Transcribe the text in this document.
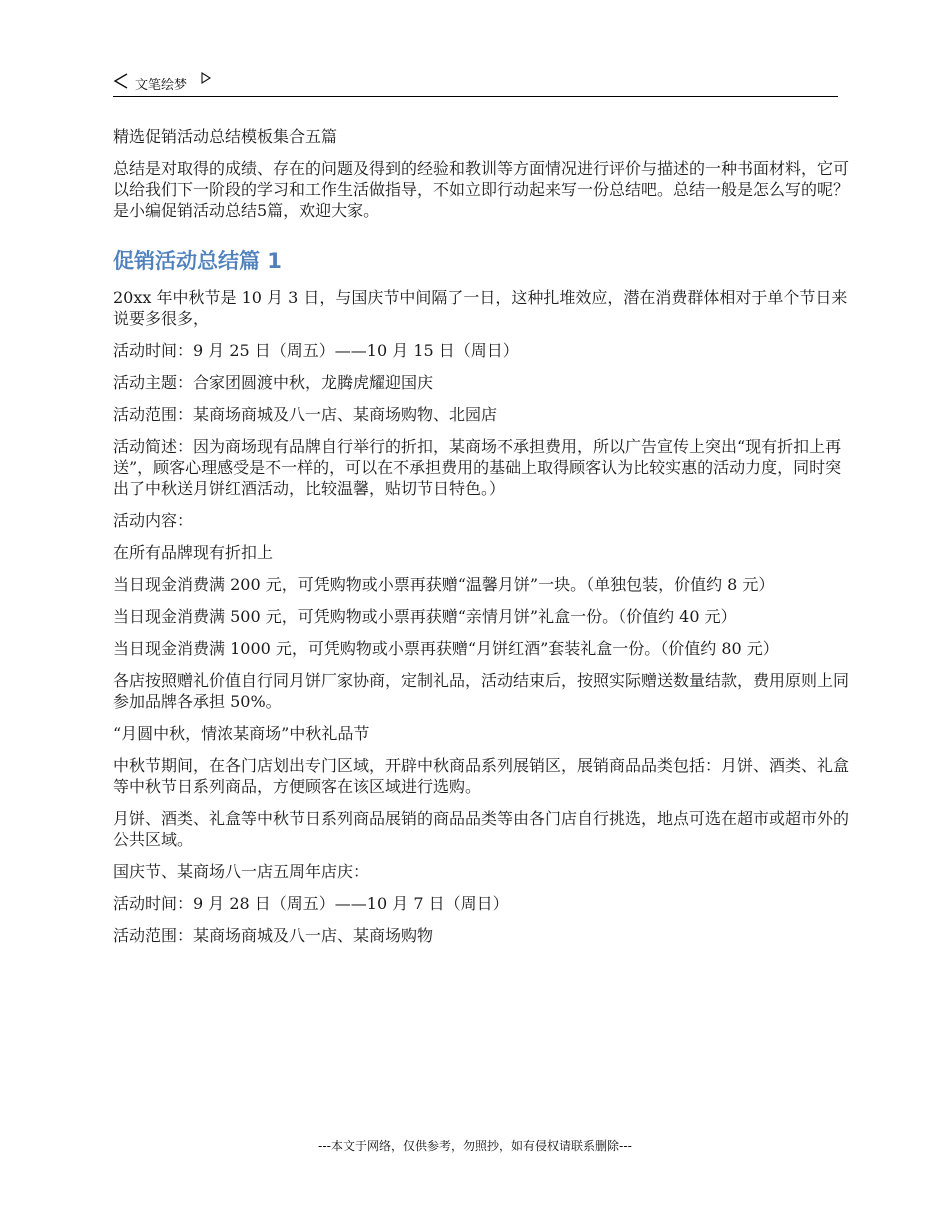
文笔绘梦

精选促销活动总结模板集合五篇

总结是对取得的成绩、存在的问题及得到的经验和教训等方面情况进行评价与描述的一种书面材料，它可以给我们下一阶段的学习和工作生活做指导，不如立即行动起来写一份总结吧。总结一般是怎么写的呢？是小编促销活动总结5篇，欢迎大家。

促销活动总结篇 1

20xx 年中秋节是 10 月 3 日，与国庆节中间隔了一日，这种扎堆效应，潜在消费群体相对于单个节日来说要多很多，

活动时间：9 月 25 日（周五）——10 月 15 日（周日）

活动主题：合家团圆渡中秋，龙腾虎耀迎国庆

活动范围：某商场商城及八一店、某商场购物、北园店

活动简述：因为商场现有品牌自行举行的折扣，某商场不承担费用，所以广告宣传上突出“现有折扣上再送”，顾客心理感受是不一样的，可以在不承担费用的基础上取得顾客认为比较实惠的活动力度，同时突出了中秋送月饼红酒活动，比较温馨，贴切节日特色。）

活动内容：

在所有品牌现有折扣上

当日现金消费满 200 元，可凭购物或小票再获赠“温馨月饼”一块。（单独包装，价值约 8 元）

当日现金消费满 500 元，可凭购物或小票再获赠“亲情月饼”礼盒一份。（价值约 40 元）

当日现金消费满 1000 元，可凭购物或小票再获赠“月饼红酒”套装礼盒一份。（价值约 80 元）

各店按照赠礼价值自行同月饼厂家协商，定制礼品，活动结束后，按照实际赠送数量结款，费用原则上同参加品牌各承担 50%。

“月圆中秋，情浓某商场”中秋礼品节

中秋节期间，在各门店划出专门区域，开辟中秋商品系列展销区，展销商品品类包括：月饼、酒类、礼盒等中秋节日系列商品，方便顾客在该区域进行选购。

月饼、酒类、礼盒等中秋节日系列商品展销的商品品类等由各门店自行挑选，地点可选在超市或超市外的公共区域。

国庆节、某商场八一店五周年店庆：

活动时间：9 月 28 日（周五）——10 月 7 日（周日）

活动范围：某商场商城及八一店、某商场购物

---本文于网络，仅供参考，勿照抄，如有侵权请联系删除---
